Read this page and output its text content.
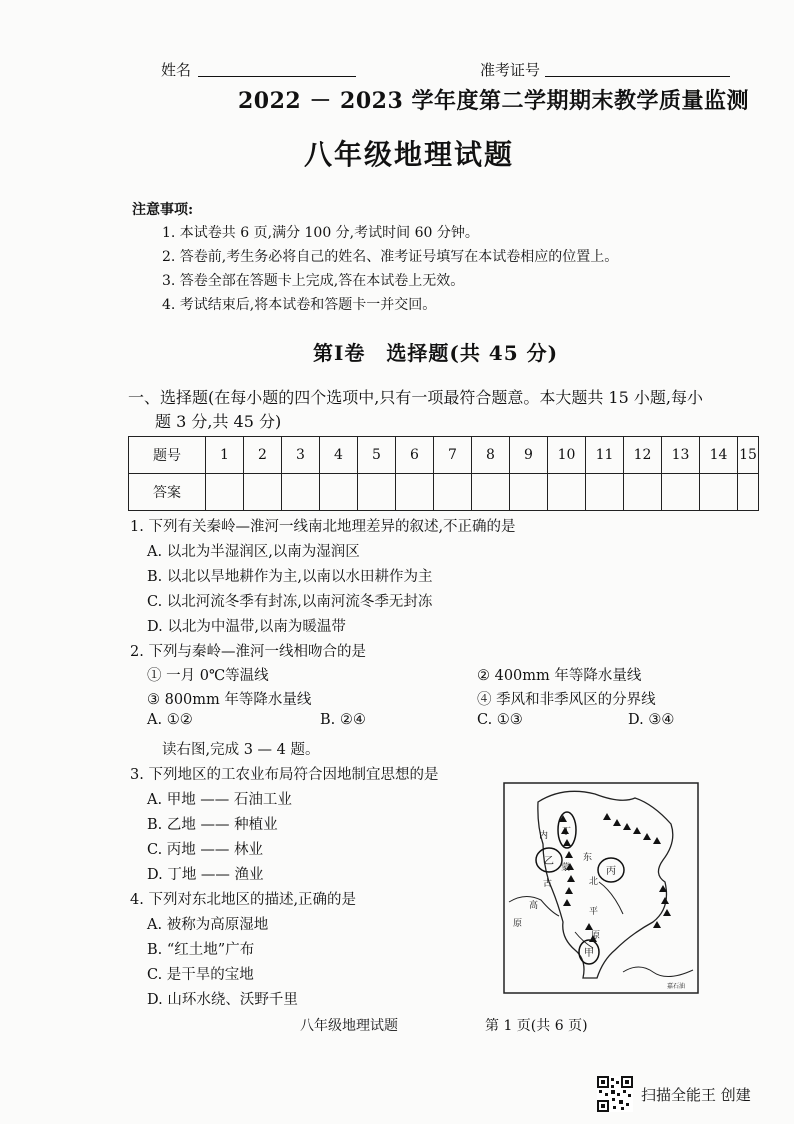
姓名	准考证号
2022 － 2023 学年度第二学期期末教学质量监测
八年级地理试题
注意事项:
1. 本试卷共 6 页,满分 100 分,考试时间 60 分钟。
2. 答卷前,考生务必将自己的姓名、准考证号填写在本试卷相应的位置上。
3. 答卷全部在答题卡上完成,答在本试卷上无效。
4. 考试结束后,将本试卷和答题卡一并交回。
第Ⅰ卷　选择题(共 45 分)
一、选择题(在每小题的四个选项中,只有一项最符合题意。本大题共 15 小题,每小
题 3 分,共 45 分)
题号	1	2	3	4	5	6	7	8	9	10	11	12	13	14	15
答案															
1. 下列有关秦岭—淮河一线南北地理差异的叙述,不正确的是
A. 以北为半湿润区,以南为湿润区
B. 以北以旱地耕作为主,以南以水田耕作为主
C. 以北河流冬季有封冻,以南河流冬季无封冻
D. 以北为中温带,以南为暖温带
2. 下列与秦岭—淮河一线相吻合的是
① 一月 0℃等温线	② 400mm 年等降水量线
③ 800mm 年等降水量线	④ 季风和非季风区的分界线
A. ①②	B. ②④	C. ①③	D. ③④
读右图,完成 3 — 4 题。
3. 下列地区的工农业布局符合因地制宜思想的是
A. 甲地 —— 石油工业
B. 乙地 —— 种植业
C. 丙地 —— 林业
D. 丁地 —— 渔业
4. 下列对东北地区的描述,正确的是
A. 被称为高原湿地
B. “红土地”广布
C. 是干旱的宝地
D. 山环水绕、沃野千里
丁
乙
丙
甲
内
蒙
古
高
原
东
北
平
原
嘉石油
八年级地理试题	第 1 页(共 6 页)
扫描全能王 创建
